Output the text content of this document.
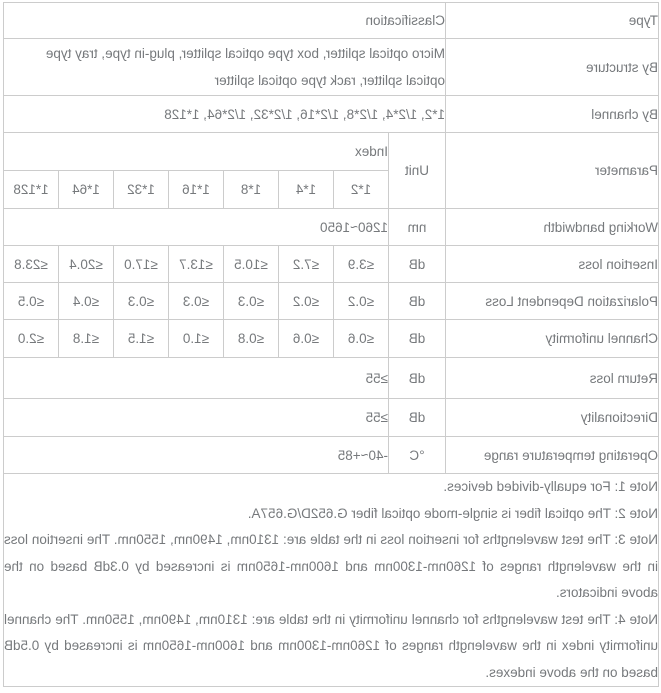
Type	Classification							
By structure	Micro optical splitter, box type optical splitter, plug-in type, tray type optical splitter, rack type optical splitter							
By channel	1*2, 1/2*4, 1/2*8, 1/2*16, 1/2*32, 1/2*64, 1*128							
Parameter	Unit	Index						
		1*2	1*4	1*8	1*16	1*32	1*64	1*128
Working bandwidth	nm	1260~1650						
Insertion loss	dB	≤3.9	≤7.2	≤10.5	≤13.7	≤17.0	≤20.4	≤23.8
Polarization Dependent Loss	dB	≤0.2	≤0.2	≤0.3	≤0.3	≤0.3	≤0.4	≤0.5
Channel uniformity	dB	≤0.6	≤0.6	≤0.8	≤1.0	≤1.5	≤1.8	≤2.0
Return loss	dB	≥55						
Directionality	dB	≥55						
Operating temperature range	°C	-40~+85						

Note 1: For equally-divided devices.

Note 2: The optical fiber is single-mode optical fiber G.652D/G.657A.

Note 3: The test wavelengths for insertion loss in the table are: 1310nm, 1490nm, 1550nm. The insertion loss in the wavelength ranges of 1260nm-1300nm and 1600nm-1650nm is increased by 0.3dB based on the above indicators.

Note 4: The test wavelengths for channel uniformity in the table are: 1310nm, 1490nm, 1550nm. The channel uniformity index in the wavelength ranges of 1260nm-1300nm and 1600nm-1650nm is increased by 0.5dB based on the above indexes.								
